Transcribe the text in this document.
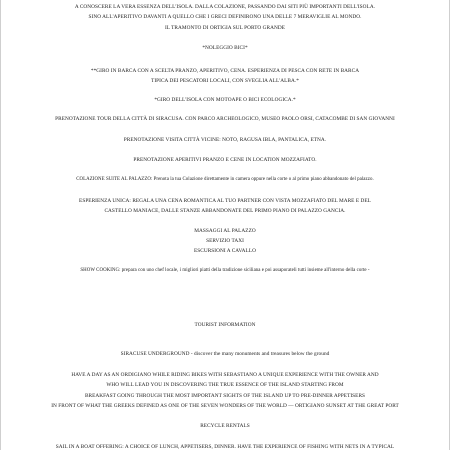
A CONOSCERE LA VERA ESSENZA DELL'ISOLA. DALLA COLAZIONE, PASSANDO DAI SITI PIÙ IMPORTANTI DELL'ISOLA.
SINO ALL'APERITIVO DAVANTI A QUELLO CHE I GRECI DEFINIRONO UNA DELLE 7 MERAVIGLIE AL MONDO.
IL TRAMONTO DI ORTIGIA SUL PORTO GRANDE
*NOLEGGIO BICI*
**GIRO IN BARCA CON A SCELTA PRANZO, APERITIVO, CENA. ESPERIENZA DI PESCA CON RETE IN BARCA
TIPICA DEI PESCATORI LOCALI, CON SVEGLIA ALL'ALBA.*
*GIRO DELL'ISOLA CON MOTOAPE O BICI ECOLOGICA.*
PRENOTAZIONE TOUR DELLA CITTÀ DI SIRACUSA. CON PARCO ARCHEOLOGICO, MUSEO PAOLO ORSI, CATACOMBE DI SAN GIOVANNI
PRENOTAZIONE VISITA CITTÀ VICINE: NOTO, RAGUSA IBLA, PANTALICA, ETNA.
PRENOTAZIONE APERITIVI PRANZO E CENE IN LOCATION MOZZAFIATO.
COLAZIONE SUITE AL PALAZZO: Prenota la tua Colazione direttamente in camera oppure nella corte o al primo piano abbandonato del palazzo.
ESPERIENZA UNICA: REGALA UNA CENA ROMANTICA AL TUO PARTNER CON VISTA MOZZAFIATO DEL MARE E DEL
CASTELLO MANIACE, DALLE STANZE ABBANDONATE DEL PRIMO PIANO DI PALAZZO GANCIA.
MASSAGGI AL PALAZZO
SERVIZIO TAXI
ESCURSIONI A CAVALLO
SHOW COOKING: prepara con uno chef locale, i migliori piatti della tradizione siciliana e poi assaporateli tutti insieme all'interno della corte -
TOURIST INFORMATION
SIRACUSE UNDERGROUND - discover the many monuments and treasures below the ground
HAVE A DAY AS AN ORDIGIANO WHILE RIDING BIKES WITH SEBASTIANO A UNIQUE EXPERIENCE WITH THE OWNER AND
WHO WILL LEAD YOU IN DISCOVERING THE TRUE ESSENCE OF THE ISLAND STARTING FROM
BREAKFAST GOING THROUGH THE MOST IMPORTANT SIGHTS OF THE ISLAND UP TO PRE-DINNER APPETISERS
IN FRONT OF WHAT THE GREEKS DEFINED AS ONE OF THE SEVEN WONDERS OF THE WORLD — ORTIGIANO SUNSET AT THE GREAT PORT
RECYCLE RENTALS
SAIL IN A BOAT OFFERING: A CHOICE OF LUNCH, APPETISERS, DINNER. HAVE THE EXPERIENCE OF FISHING WITH NETS IN A TYPICAL
